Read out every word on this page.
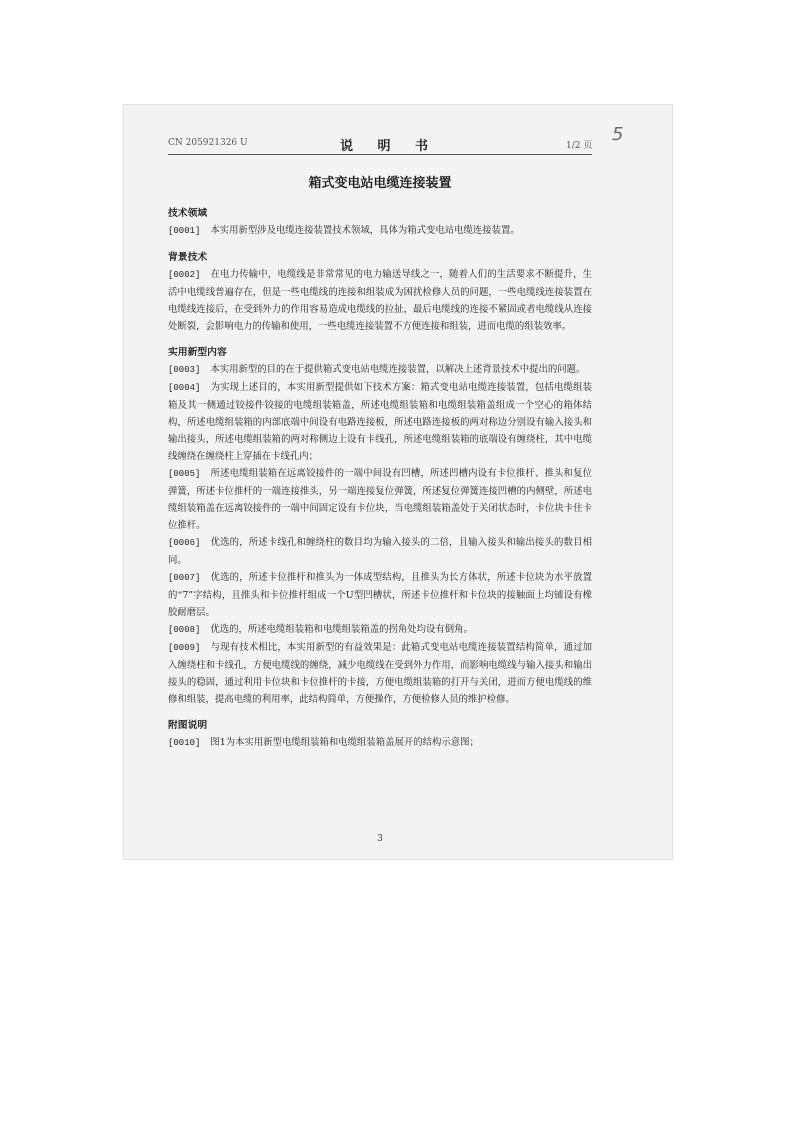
CN 205921326 U	说 明 书	1/2 页
5
箱式变电站电缆连接装置
技术领域

[0001] 本实用新型涉及电缆连接装置技术领域，具体为箱式变电站电缆连接装置。

背景技术

[0002] 在电力传输中，电缆线是非常常见的电力输送导线之一，随着人们的生活要求不断提升，生活中电缆线普遍存在，但是一些电缆线的连接和组装成为困扰检修人员的问题，一些电缆线连接装置在电缆线连接后，在受到外力的作用容易造成电缆线的拉扯，最后电缆线的连接不紧固或者电缆线从连接处断裂，会影响电力的传输和使用，一些电缆连接装置不方便连接和组装，进而电缆的组装效率。

实用新型内容

[0003] 本实用新型的目的在于提供箱式变电站电缆连接装置，以解决上述背景技术中提出的问题。

[0004] 为实现上述目的，本实用新型提供如下技术方案：箱式变电站电缆连接装置，包括电缆组装箱及其一侧通过铰接件铰接的电缆组装箱盖，所述电缆组装箱和电缆组装箱盖组成一个空心的箱体结构，所述电缆组装箱的内部底端中间设有电路连接板，所述电路连接板的两对称边分别设有输入接头和输出接头，所述电缆组装箱的两对称侧边上设有卡线孔，所述电缆组装箱的底端设有缠绕柱，其中电缆线缠绕在缠绕柱上穿插在卡线孔内；

[0005] 所述电缆组装箱在远离铰接件的一端中间设有凹槽，所述凹槽内设有卡位推杆、推头和复位弹簧，所述卡位推杆的一端连接推头，另一端连接复位弹簧，所述复位弹簧连接凹槽的内侧壁，所述电缆组装箱盖在远离铰接件的一端中间固定设有卡位块，当电缆组装箱盖处于关闭状态时，卡位块卡住卡位推杆。

[0006] 优选的，所述卡线孔和缠绕柱的数目均为输入接头的二倍，且输入接头和输出接头的数目相同。

[0007] 优选的，所述卡位推杆和推头为一体成型结构，且推头为长方体状，所述卡位块为水平放置的“7”字结构，且推头和卡位推杆组成一个U型凹槽状，所述卡位推杆和卡位块的接触面上均铺设有橡胶耐磨层。

[0008] 优选的，所述电缆组装箱和电缆组装箱盖的拐角处均设有倒角。

[0009] 与现有技术相比，本实用新型的有益效果是：此箱式变电站电缆连接装置结构简单，通过加入缠绕柱和卡线孔，方便电缆线的缠绕，减少电缆线在受到外力作用，而影响电缆线与输入接头和输出接头的稳固，通过利用卡位块和卡位推杆的卡接，方便电缆组装箱的打开与关闭，进而方便电缆线的维修和组装，提高电缆的利用率，此结构简单，方便操作，方便检修人员的维护检修。

附图说明

[0010] 图1为本实用新型电缆组装箱和电缆组装箱盖展开的结构示意图；

3
